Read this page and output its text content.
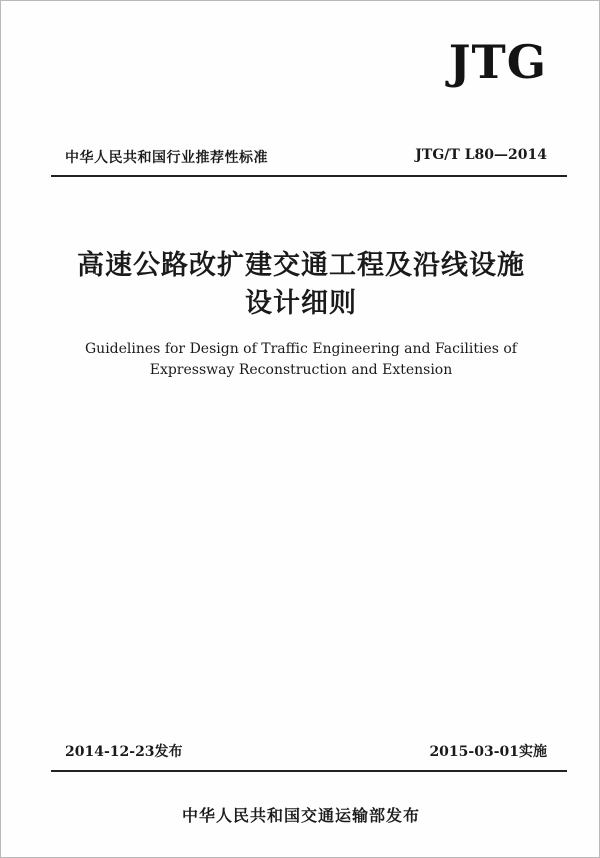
JTG
中华人民共和国行业推荐性标准	JTG/T L80—2014
高速公路改扩建交通工程及沿线设施
设计细则
Guidelines for Design of Traffic Engineering and Facilities of
Expressway Reconstruction and Extension
2014-12-23发布	2015-03-01实施
中华人民共和国交通运输部发布
